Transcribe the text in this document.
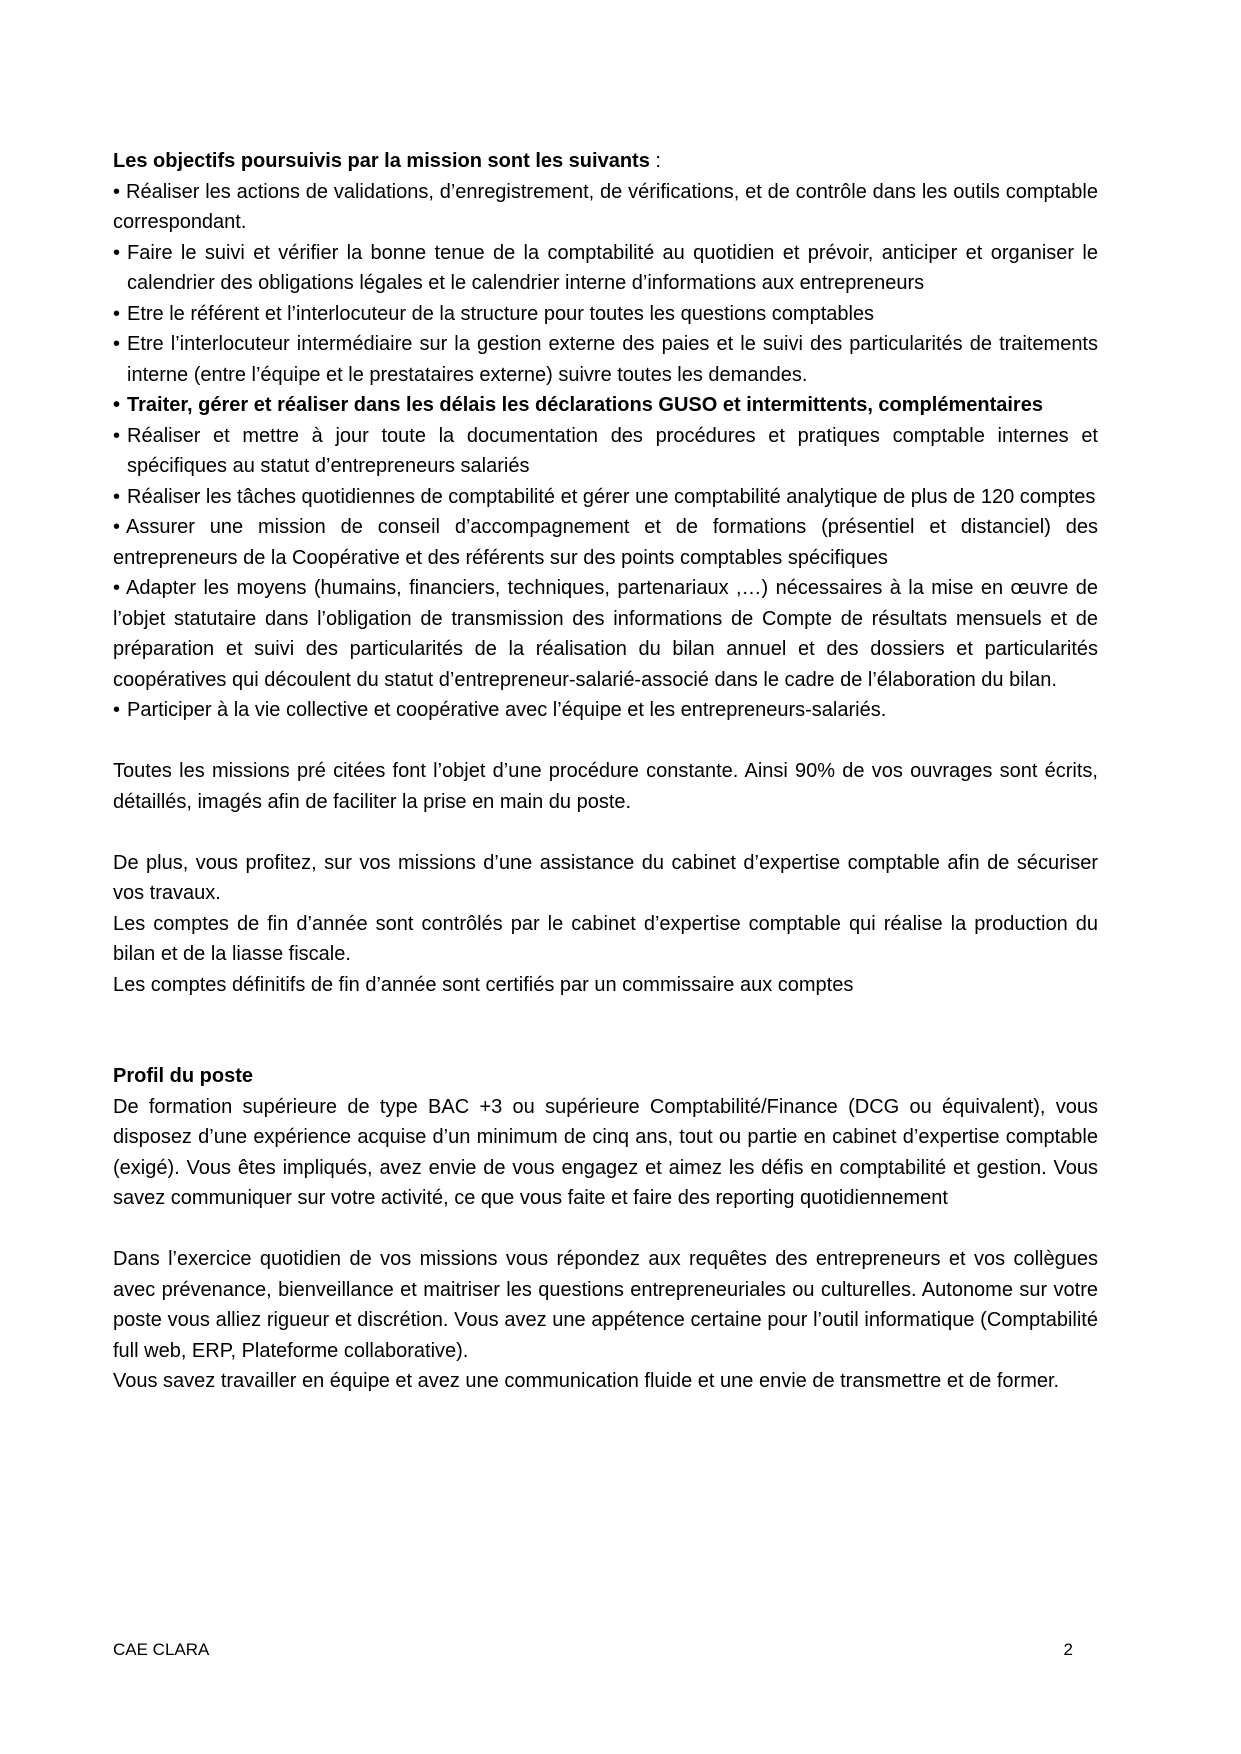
Les objectifs poursuivis par la mission sont les suivants :

• Réaliser les actions de validations, d’enregistrement, de vérifications, et de contrôle dans les outils comptable correspondant.
• Faire le suivi et vérifier la bonne tenue de la comptabilité au quotidien et prévoir, anticiper et organiser le calendrier des obligations légales et le calendrier interne d’informations aux entrepreneurs
• Etre le référent et l’interlocuteur de la structure pour toutes les questions comptables
• Etre l’interlocuteur intermédiaire sur la gestion externe des paies et le suivi des particularités de traitements interne (entre l’équipe et le prestataires externe) suivre toutes les demandes.
• Traiter, gérer et réaliser dans les délais les déclarations GUSO et intermittents, complémentaires
• Réaliser et mettre à jour toute la documentation des procédures et pratiques comptable internes et spécifiques au statut d’entrepreneurs salariés
• Réaliser les tâches quotidiennes de comptabilité et gérer une comptabilité analytique de plus de 120 comptes
• Assurer une mission de conseil d’accompagnement et de formations (présentiel et distanciel) des entrepreneurs de la Coopérative et des référents sur des points comptables spécifiques
• Adapter les moyens (humains, financiers, techniques, partenariaux ,…) nécessaires à la mise en œuvre de l’objet statutaire dans l’obligation de transmission des informations de Compte de résultats mensuels et de préparation et suivi des particularités de la réalisation du bilan annuel et des dossiers et particularités coopératives qui découlent du statut d’entrepreneur-salarié-associé dans le cadre de l’élaboration du bilan.
• Participer à la vie collective et coopérative avec l’équipe et les entrepreneurs-salariés.

Toutes les missions pré citées font l’objet d’une procédure constante. Ainsi 90% de vos ouvrages sont écrits, détaillés, imagés afin de faciliter la prise en main du poste.

De plus, vous profitez, sur vos missions d’une assistance du cabinet d’expertise comptable afin de sécuriser vos travaux.

Les comptes de fin d’année sont contrôlés par le cabinet d’expertise comptable qui réalise la production du bilan et de la liasse fiscale.

Les comptes définitifs de fin d’année sont certifiés par un commissaire aux comptes

Profil du poste

De formation supérieure de type BAC +3 ou supérieure Comptabilité/Finance (DCG ou équivalent), vous disposez d’une expérience acquise d’un minimum de cinq ans, tout ou partie en cabinet d’expertise comptable (exigé). Vous êtes impliqués, avez envie de vous engagez et aimez les défis en comptabilité et gestion. Vous savez communiquer sur votre activité, ce que vous faite et faire des reporting quotidiennement

Dans l’exercice quotidien de vos missions vous répondez aux requêtes des entrepreneurs et vos collègues avec prévenance, bienveillance et maitriser les questions entrepreneuriales ou culturelles. Autonome sur votre poste vous alliez rigueur et discrétion. Vous avez une appétence certaine pour l’outil informatique (Comptabilité full web, ERP, Plateforme collaborative).

Vous savez travailler en équipe et avez une communication fluide et une envie de transmettre et de former.

CAE CLARA	2
